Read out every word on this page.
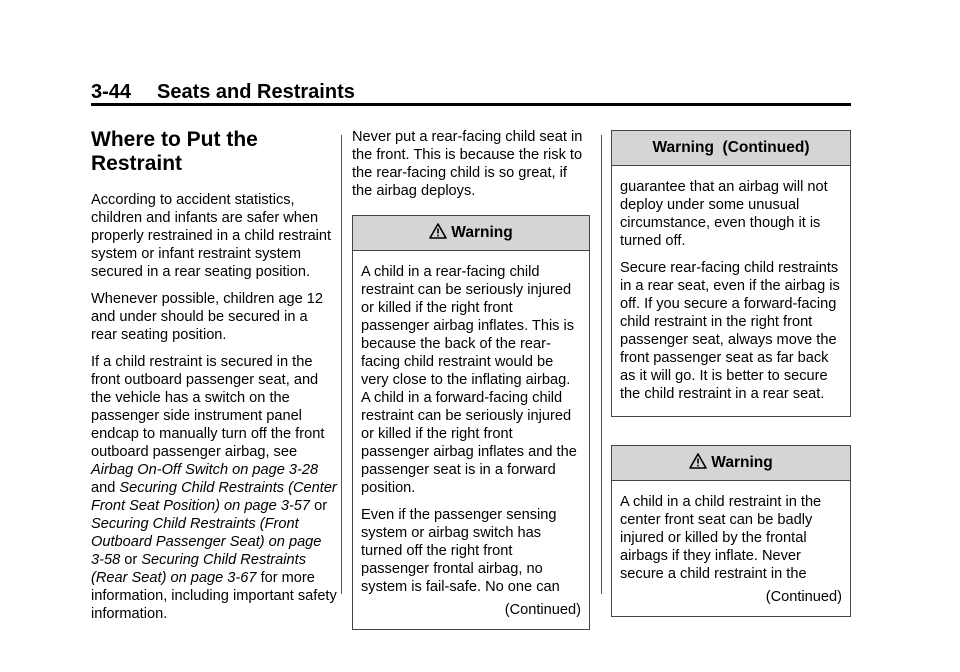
3-44 Seats and Restraints
Where to Put the Restraint

According to accident statistics, children and infants are safer when properly restrained in a child restraint system or infant restraint system secured in a rear seating position.

Whenever possible, children age 12 and under should be secured in a rear seating position.

If a child restraint is secured in the front outboard passenger seat, and the vehicle has a switch on the passenger side instrument panel endcap to manually turn off the front outboard passenger airbag, see Airbag On-Off Switch on page 3-28 and Securing Child Restraints (Center Front Seat Position) on page 3-57 or Securing Child Restraints (Front Outboard Passenger Seat) on page 3-58 or Securing Child Restraints (Rear Seat) on page 3-67 for more information, including important safety information.

Never put a rear-facing child seat in the front. This is because the risk to the rear-facing child is so great, if the airbag deploys.

Warning

A child in a rear-facing child restraint can be seriously injured or killed if the right front passenger airbag inflates. This is because the back of the rear-facing child restraint would be very close to the inflating airbag. A child in a forward-facing child restraint can be seriously injured or killed if the right front passenger airbag inflates and the passenger seat is in a forward position.

Even if the passenger sensing system or airbag switch has turned off the right front passenger frontal airbag, no system is fail-safe. No one can

(Continued)
Warning  (Continued)

guarantee that an airbag will not deploy under some unusual circumstance, even though it is turned off.

Secure rear-facing child restraints in a rear seat, even if the airbag is off. If you secure a forward-facing child restraint in the right front passenger seat, always move the front passenger seat as far back as it will go. It is better to secure the child restraint in a rear seat.

Warning

A child in a child restraint in the center front seat can be badly injured or killed by the frontal airbags if they inflate. Never secure a child restraint in the

(Continued)
